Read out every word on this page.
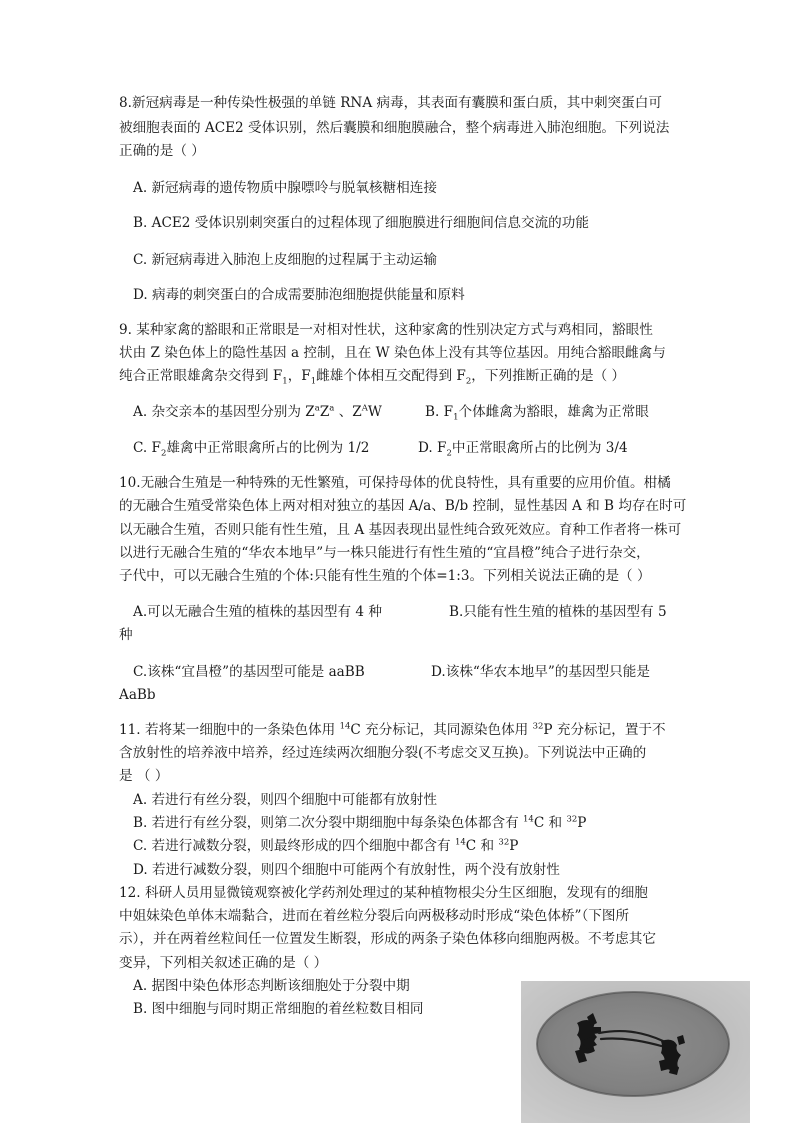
8.新冠病毒是一种传染性极强的单链 RNA 病毒，其表面有囊膜和蛋白质，其中刺突蛋白可
被细胞表面的 ACE2 受体识别，然后囊膜和细胞膜融合，整个病毒进入肺泡细胞。下列说法
正确的是（ ）
A. 新冠病毒的遗传物质中腺嘌呤与脱氧核糖相连接
B. ACE2 受体识别刺突蛋白的过程体现了细胞膜进行细胞间信息交流的功能
C. 新冠病毒进入肺泡上皮细胞的过程属于主动运输
D. 病毒的刺突蛋白的合成需要肺泡细胞提供能量和原料
9. 某种家禽的豁眼和正常眼是一对相对性状，这种家禽的性别决定方式与鸡相同，豁眼性
状由 Z 染色体上的隐性基因 a 控制，且在 W 染色体上没有其等位基因。用纯合豁眼雌禽与
纯合正常眼雄禽杂交得到 $F_1$，$F_1$雌雄个体相互交配得到 $F_2$，下列推断正确的是（ ）
A. 杂交亲本的基因型分别为 $Z^aZ^a$ 、$Z^AW$	B. $F_1$个体雌禽为豁眼，雄禽为正常眼
C. $F_2$雄禽中正常眼禽所占的比例为 1/2	D. $F_2$中正常眼禽所占的比例为 3/4
10.无融合生殖是一种特殊的无性繁殖，可保持母体的优良特性，具有重要的应用价值。柑橘
的无融合生殖受常染色体上两对相对独立的基因 A/a、B/b 控制，显性基因 A 和 B 均存在时可
以无融合生殖，否则只能有性生殖，且 A 基因表现出显性纯合致死效应。育种工作者将一株可
以进行无融合生殖的“华农本地早”与一株只能进行有性生殖的“宜昌橙”纯合子进行杂交，
子代中，可以无融合生殖的个体:只能有性生殖的个体=1:3。下列相关说法正确的是（ ）
A.可以无融合生殖的植株的基因型有 4 种	B.只能有性生殖的植株的基因型有 5
种
C.该株“宜昌橙”的基因型可能是 aaBB	D.该株“华农本地早”的基因型只能是
AaBb
11. 若将某一细胞中的一条染色体用 $^{14}$C 充分标记，其同源染色体用 $^{32}$P 充分标记，置于不
含放射性的培养液中培养，经过连续两次细胞分裂(不考虑交叉互换)。下列说法中正确的
是 （ ）
A. 若进行有丝分裂，则四个细胞中可能都有放射性
B. 若进行有丝分裂，则第二次分裂中期细胞中每条染色体都含有 $^{14}$C 和 $^{32}$P
C. 若进行减数分裂，则最终形成的四个细胞中都含有 $^{14}$C 和 $^{32}$P
D. 若进行减数分裂，则四个细胞中可能两个有放射性，两个没有放射性
12. 科研人员用显微镜观察被化学药剂处理过的某种植物根尖分生区细胞，发现有的细胞
中姐妹染色单体末端黏合，进而在着丝粒分裂后向两极移动时形成“染色体桥”（下图所
示），并在两着丝粒间任一位置发生断裂，形成的两条子染色体移向细胞两极。不考虑其它
变异，下列相关叙述正确的是（ ）
A. 据图中染色体形态判断该细胞处于分裂中期
B. 图中细胞与同时期正常细胞的着丝粒数目相同
